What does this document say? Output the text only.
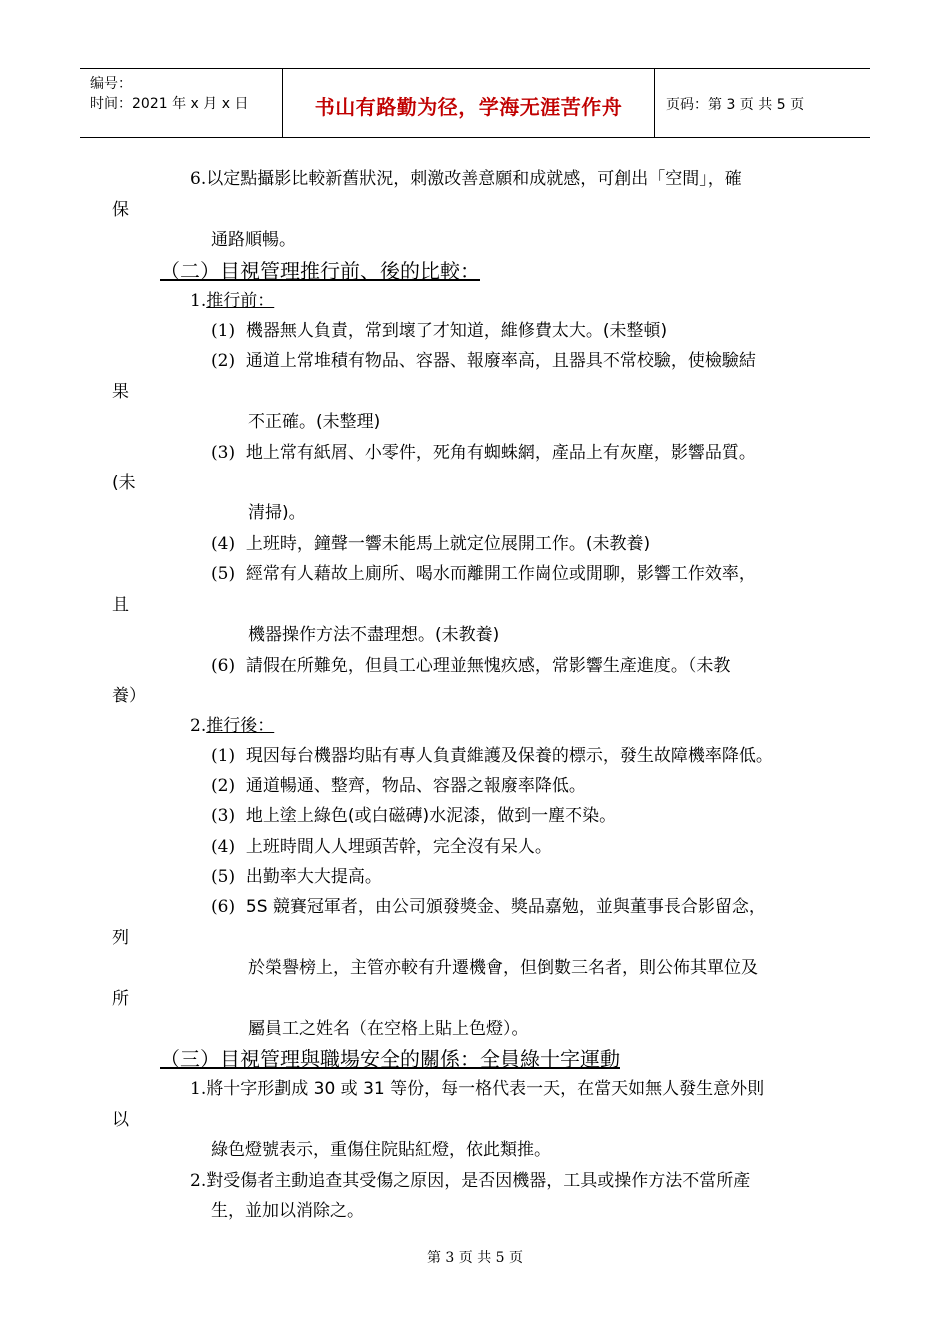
编号：
时间：2021 年 x 月 x 日	书山有路勤为径，学海无涯苦作舟	页码：第 3 页 共 5 页
6.以定點攝影比較新舊狀況，刺激改善意願和成就感，可創出「空間」，確
保
通路順暢。
（二）目視管理推行前、後的比較：
1.推行前：
(1) 機器無人負責，常到壞了才知道，維修費太大。(未整頓)
(2) 通道上常堆積有物品、容器、報廢率高，且器具不常校驗，使檢驗結
果
不正確。(未整理)
(3) 地上常有紙屑、小零件，死角有蜘蛛網，產品上有灰塵，影響品質。
(未
清掃)。
(4) 上班時，鐘聲一響未能馬上就定位展開工作。(未教養)
(5) 經常有人藉故上廁所、喝水而離開工作崗位或閒聊，影響工作效率，
且
機器操作方法不盡理想。(未教養)
(6) 請假在所難免，但員工心理並無愧疚感，常影響生產進度。（未教
養）
2.推行後：
(1) 現因每台機器均貼有專人負責維護及保養的標示，發生故障機率降低。
(2) 通道暢通、整齊，物品、容器之報廢率降低。
(3) 地上塗上綠色(或白磁磚)水泥漆，做到一塵不染。
(4) 上班時間人人埋頭苦幹，完全沒有呆人。
(5) 出勤率大大提高。
(6) 5S 競賽冠軍者，由公司頒發獎金、獎品嘉勉，並與董事長合影留念，
列
於榮譽榜上，主管亦較有升遷機會，但倒數三名者，則公佈其單位及
所
屬員工之姓名（在空格上貼上色燈）。
（三）目視管理與職場安全的關係：全員綠十字運動
1.將十字形劃成 30 或 31 等份，每一格代表一天，在當天如無人發生意外則
以
綠色燈號表示，重傷住院貼紅燈，依此類推。
2.對受傷者主動追查其受傷之原因，是否因機器，工具或操作方法不當所產
生，並加以消除之。
第 3 页 共 5 页
